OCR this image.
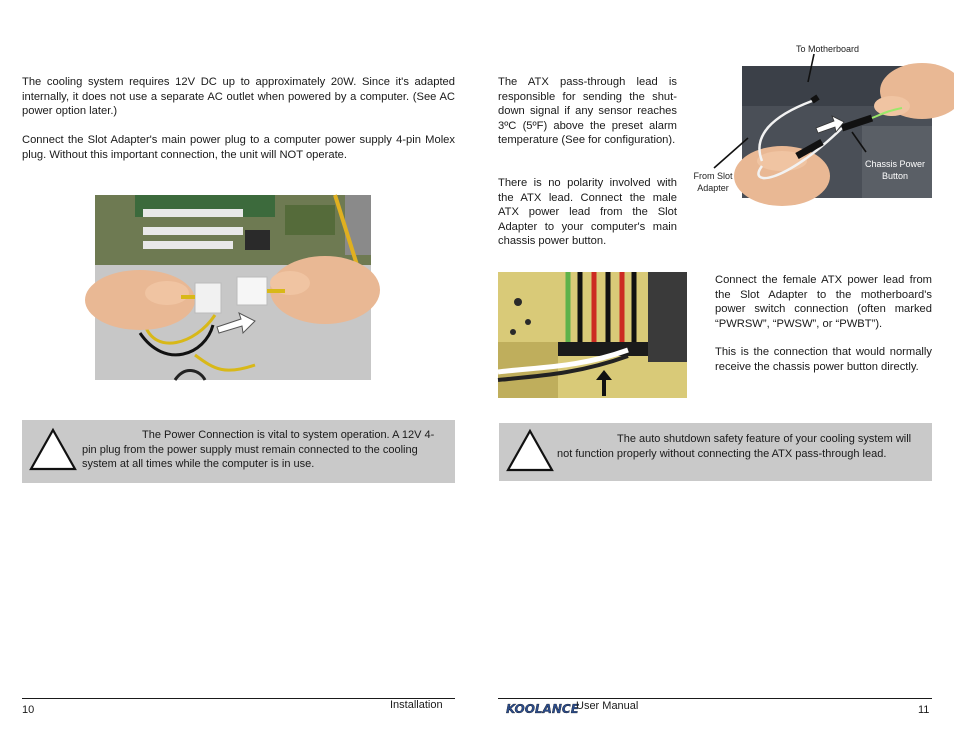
The cooling system requires 12V DC up to approximately 20W. Since it's adapted internally, it does not use a separate AC outlet when powered by a computer. (See AC power option later.)
Connect the Slot Adapter's main power plug to a computer power supply 4-pin Molex plug. Without this important connection, the unit will NOT operate.
The Power Connection is vital to system operation. A 12V 4-pin plug from the power supply must remain connected to the cooling system at all times while the computer is in use.
10	Installation
The ATX pass-through lead is responsible for sending the shut-down signal if any sensor reaches 3ºC (5ºF) above the preset alarm temperature (See for configuration).
There is no polarity involved with the ATX lead. Connect the male ATX power lead from the Slot Adapter to your computer's main chassis power button.
To Motherboard
From Slot
Adapter
Chassis Power
Button
Connect the female ATX power lead from the Slot Adapter to the motherboard's power switch connection (often marked “PWRSW”, “PWSW”, or “PWBT”).
This is the connection that would normally receive the chassis power button directly.
The auto shutdown safety feature of your cooling system will not function properly without connecting the ATX pass-through lead.
KOOLANCE
User Manual	11
